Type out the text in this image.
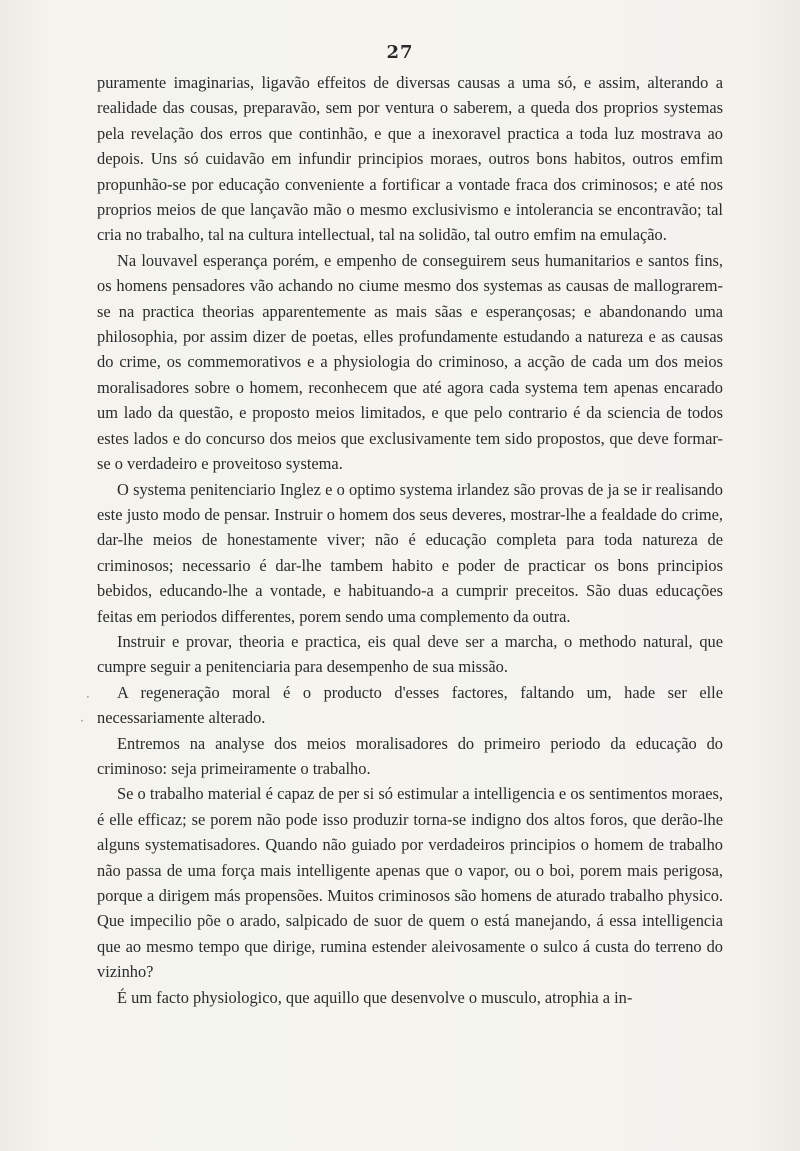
27

puramente imaginarias, ligavão effeitos de diversas causas a uma só, e assim, alterando a realidade das cousas, preparavão, sem por ventura o saberem, a queda dos proprios systemas pela revelação dos erros que continhão, e que a inexoravel practica a toda luz mostrava ao depois. Uns só cuidavão em infundir principios moraes, outros bons habitos, outros emfim propunhão-se por educação conveniente a fortificar a vontade fraca dos criminosos; e até nos proprios meios de que lançavão mão o mesmo exclusivismo e intolerancia se encontravão; tal cria no trabalho, tal na cultura intellectual, tal na solidão, tal outro emfim na emulação.

Na louvavel esperança porém, e empenho de conseguirem seus humanitarios e santos fins, os homens pensadores vão achando no ciume mesmo dos systemas as causas de mallograrem-se na practica theorias apparentemente as mais sãas e esperançosas; e abandonando uma philosophia, por assim dizer de poetas, elles profundamente estudando a natureza e as causas do crime, os commemorativos e a physiologia do criminoso, a acção de cada um dos meios moralisadores sobre o homem, reconhecem que até agora cada systema tem apenas encarado um lado da questão, e proposto meios limitados, e que pelo contrario é da sciencia de todos estes lados e do concurso dos meios que exclusivamente tem sido propostos, que deve formar-se o verdadeiro e proveitoso systema.

O systema penitenciario Inglez e o optimo systema irlandez são provas de ja se ir realisando este justo modo de pensar. Instruir o homem dos seus deveres, mostrar-lhe a fealdade do crime, dar-lhe meios de honestamente viver; não é educação completa para toda natureza de criminosos; necessario é dar-lhe tambem habito e poder de practicar os bons principios bebidos, educando-lhe a vontade, e habituando-a a cumprir preceitos. São duas educações feitas em periodos differentes, porem sendo uma complemento da outra.

Instruir e provar, theoria e practica, eis qual deve ser a marcha, o methodo natural, que cumpre seguir a penitenciaria para desempenho de sua missão.

A regeneração moral é o producto d'esses factores, faltando um, hade ser elle necessariamente alterado.

Entremos na analyse dos meios moralisadores do primeiro periodo da educação do criminoso: seja primeiramente o trabalho.

Se o trabalho material é capaz de per si só estimular a intelligencia e os sentimentos moraes, é elle efficaz; se porem não pode isso produzir torna-se indigno dos altos foros, que derão-lhe alguns systematisadores. Quando não guiado por verdadeiros principios o homem de trabalho não passa de uma força mais intelligente apenas que o vapor, ou o boi, porem mais perigosa, porque a dirigem más propensões. Muitos criminosos são homens de aturado trabalho physico. Que impecilio põe o arado, salpicado de suor de quem o está manejando, á essa intelligencia que ao mesmo tempo que dirige, rumina estender aleivosamente o sulco á custa do terreno do vizinho?

É um facto physiologico, que aquillo que desenvolve o musculo, atrophia a in-

·
·
